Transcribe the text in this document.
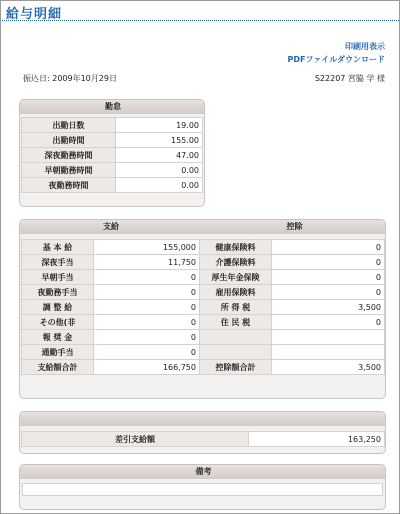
給与明細
印刷用表示
PDFファイルダウンロード
振込日: 2009年10月29日	S22207 宮脇 学 様
勤怠
出勤日数	19.00
出勤時間	155.00
深夜勤務時間	47.00
早朝勤務時間	0.00
夜勤務時間	0.00
支給	控除
基 本 給	155,000	健康保険料	0
深夜手当	11,750	介護保険料	0
早朝手当	0	厚生年金保険	0
夜勤務手当	0	雇用保険料	0
調 整 給	0	所 得 税	3,500
その他(非	0	住 民 税	0
報 奨 金	0		
通勤手当	0		
支給額合計	166,750	控除額合計	3,500
差引支給額	163,250
備考
